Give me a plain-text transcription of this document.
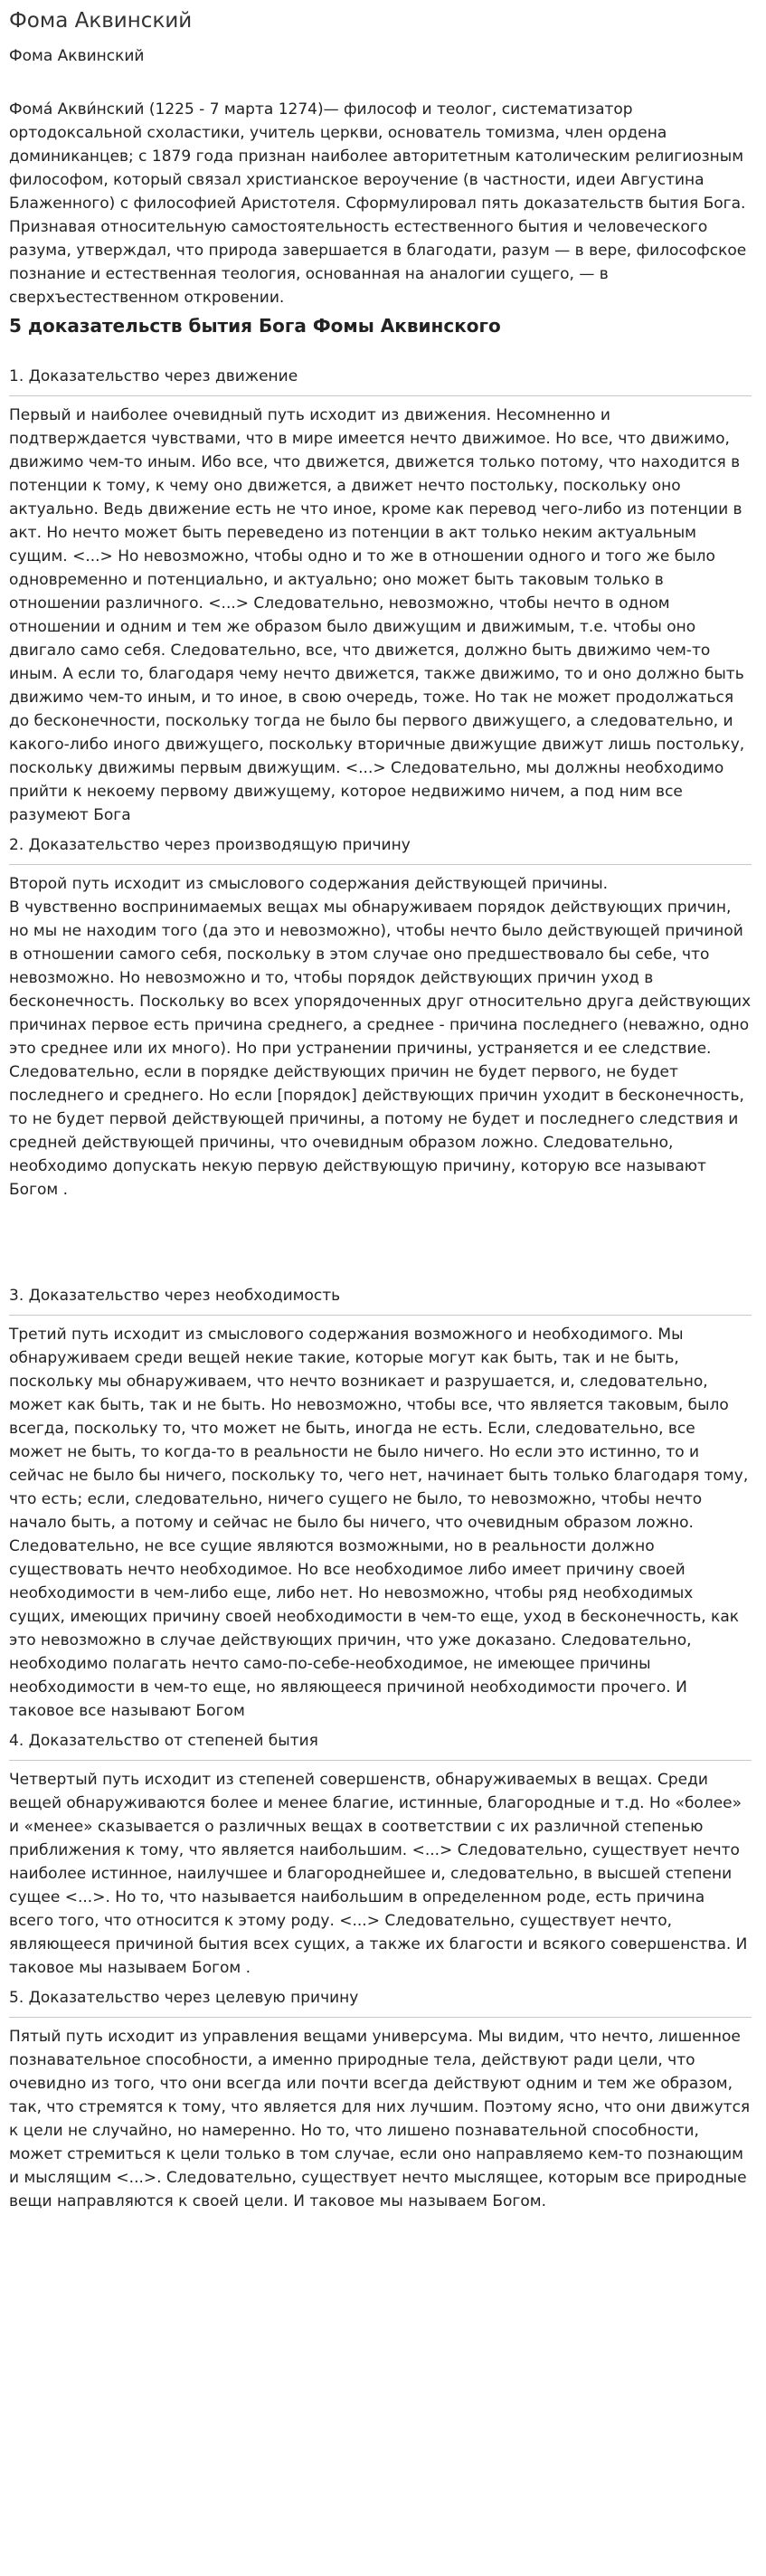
Фома Аквинский
Фома Аквинский

Фома́ Акви́нский (1225 - 7 марта 1274)— философ и теолог, систематизатор ортодоксальной схоластики, учитель церкви, основатель томизма, член ордена доминиканцев; с 1879 года признан наиболее авторитетным католическим религиозным философом, который связал христианское вероучение (в частности, идеи Августина Блаженного) с философией Аристотеля. Сформулировал пять доказательств бытия Бога. Признавая относительную самостоятельность естественного бытия и человеческого разума, утверждал, что природа завершается в благодати, разум — в вере, философское познание и естественная теология, основанная на аналогии сущего, — в сверхъестественном откровении.

5 доказательств бытия Бога Фомы Аквинского
1. Доказательство через движение
Первый и наиболее очевидный путь исходит из движения. Несомненно и подтверждается чувствами, что в мире имеется нечто движимое. Но все, что движимо, движимо чем-то иным. Ибо все, что движется, движется только потому, что находится в потенции к тому, к чему оно движется, а движет нечто постольку, поскольку оно актуально. Ведь движение есть не что иное, кроме как перевод чего-либо из потенции в акт. Но нечто может быть переведено из потенции в акт только неким актуальным сущим. <...> Но невозможно, чтобы одно и то же в отношении одного и того же было одновременно и потенциально, и актуально; оно может быть таковым только в отношении различного. <...> Следовательно, невозможно, чтобы нечто в одном отношении и одним и тем же образом было движущим и движимым, т.е. чтобы оно двигало само себя. Следовательно, все, что движется, должно быть движимо чем-то иным. А если то, благодаря чему нечто движется, также движимо, то и оно должно быть движимо чем-то иным, и то иное, в свою очередь, тоже. Но так не может продолжаться до бесконечности, поскольку тогда не было бы первого движущего, а следовательно, и какого-либо иного движущего, поскольку вторичные движущие движут лишь постольку, поскольку движимы первым движущим. <...> Следовательно, мы должны необходимо прийти к некоему первому движущему, которое недвижимо ничем, а под ним все разумеют Бога
2. Доказательство через производящую причину
Второй путь исходит из смыслового содержания действующей причины.
В чувственно воспринимаемых вещах мы обнаруживаем порядок действующих причин, но мы не находим того (да это и невозможно), чтобы нечто было действующей причиной в отношении самого себя, поскольку в этом случае оно предшествовало бы себе, что невозможно. Но невозможно и то, чтобы порядок действующих причин уход в бесконечность. Поскольку во всех упорядоченных друг относительно друга действующих причинах первое есть причина среднего, а среднее - причина последнего (неважно, одно это среднее или их много). Но при устранении причины, устраняется и ее следствие. Следовательно, если в порядке действующих причин не будет первого, не будет последнего и среднего. Но если [порядок] действующих причин уходит в бесконечность, то не будет первой действующей причины, а потому не будет и последнего следствия и средней действующей причины, что очевидным образом ложно. Следовательно, необходимо допускать некую первую действующую причину, которую все называют Богом .
3. Доказательство через необходимость
Третий путь исходит из смыслового содержания возможного и необходимого. Мы обнаруживаем среди вещей некие такие, которые могут как быть, так и не быть, поскольку мы обнаруживаем, что нечто возникает и разрушается, и, следовательно, может как быть, так и не быть. Но невозможно, чтобы все, что является таковым, было всегда, поскольку то, что может не быть, иногда не есть. Если, следовательно, все может не быть, то когда-то в реальности не было ничего. Но если это истинно, то и сейчас не было бы ничего, поскольку то, чего нет, начинает быть только благодаря тому, что есть; если, следовательно, ничего сущего не было, то невозможно, чтобы нечто начало быть, а потому и сейчас не было бы ничего, что очевидным образом ложно. Следовательно, не все сущие являются возможными, но в реальности должно существовать нечто необходимое. Но все необходимое либо имеет причину своей необходимости в чем-либо еще, либо нет. Но невозможно, чтобы ряд необходимых сущих, имеющих причину своей необходимости в чем-то еще, уход в бесконечность, как это невозможно в случае действующих причин, что уже доказано. Следовательно, необходимо полагать нечто само-по-себе-необходимое, не имеющее причины необходимости в чем-то еще, но являющееся причиной необходимости прочего. И таковое все называют Богом
4. Доказательство от степеней бытия
Четвертый путь исходит из степеней совершенств, обнаруживаемых в вещах. Среди вещей обнаруживаются более и менее благие, истинные, благородные и т.д. Но «более» и «менее» сказывается о различных вещах в соответствии с их различной степенью приближения к тому, что является наибольшим. <...> Следовательно, существует нечто наиболее истинное, наилучшее и благороднейшее и, следовательно, в высшей степени сущее <...>. Но то, что называется наибольшим в определенном роде, есть причина всего того, что относится к этому роду. <...> Следовательно, существует нечто, являющееся причиной бытия всех сущих, а также их благости и всякого совершенства. И таковое мы называем Богом .
5. Доказательство через целевую причину
Пятый путь исходит из управления вещами универсума. Мы видим, что нечто, лишенное познавательное способности, а именно природные тела, действуют ради цели, что очевидно из того, что они всегда или почти всегда действуют одним и тем же образом, так, что стремятся к тому, что является для них лучшим. Поэтому ясно, что они движутся к цели не случайно, но намеренно. Но то, что лишено познавательной способности, может стремиться к цели только в том случае, если оно направляемо кем-то познающим и мыслящим <...>. Следовательно, существует нечто мыслящее, которым все природные вещи направляются к своей цели. И таковое мы называем Богом.
